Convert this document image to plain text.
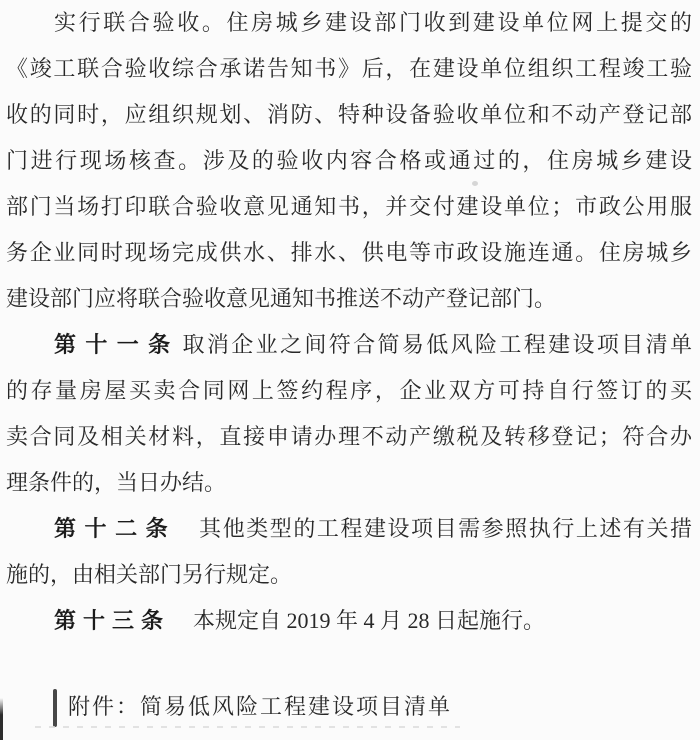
实行联合验收。住房城乡建设部门收到建设单位网上提交的
《竣工联合验收综合承诺告知书》后，在建设单位组织工程竣工验
收的同时，应组织规划、消防、特种设备验收单位和不动产登记部
门进行现场核查。涉及的验收内容合格或通过的，住房城乡建设
部门当场打印联合验收意见通知书，并交付建设单位；市政公用服
务企业同时现场完成供水、排水、供电等市政设施连通。住房城乡
建设部门应将联合验收意见通知书推送不动产登记部门。
第十一条 取消企业之间符合简易低风险工程建设项目清单
的存量房屋买卖合同网上签约程序，企业双方可持自行签订的买
卖合同及相关材料，直接申请办理不动产缴税及转移登记；符合办
理条件的，当日办结。
第十二条 其他类型的工程建设项目需参照执行上述有关措
施的，由相关部门另行规定。
第十三条 本规定自 2019 年 4 月 28 日起施行。
附件：简易低风险工程建设项目清单
